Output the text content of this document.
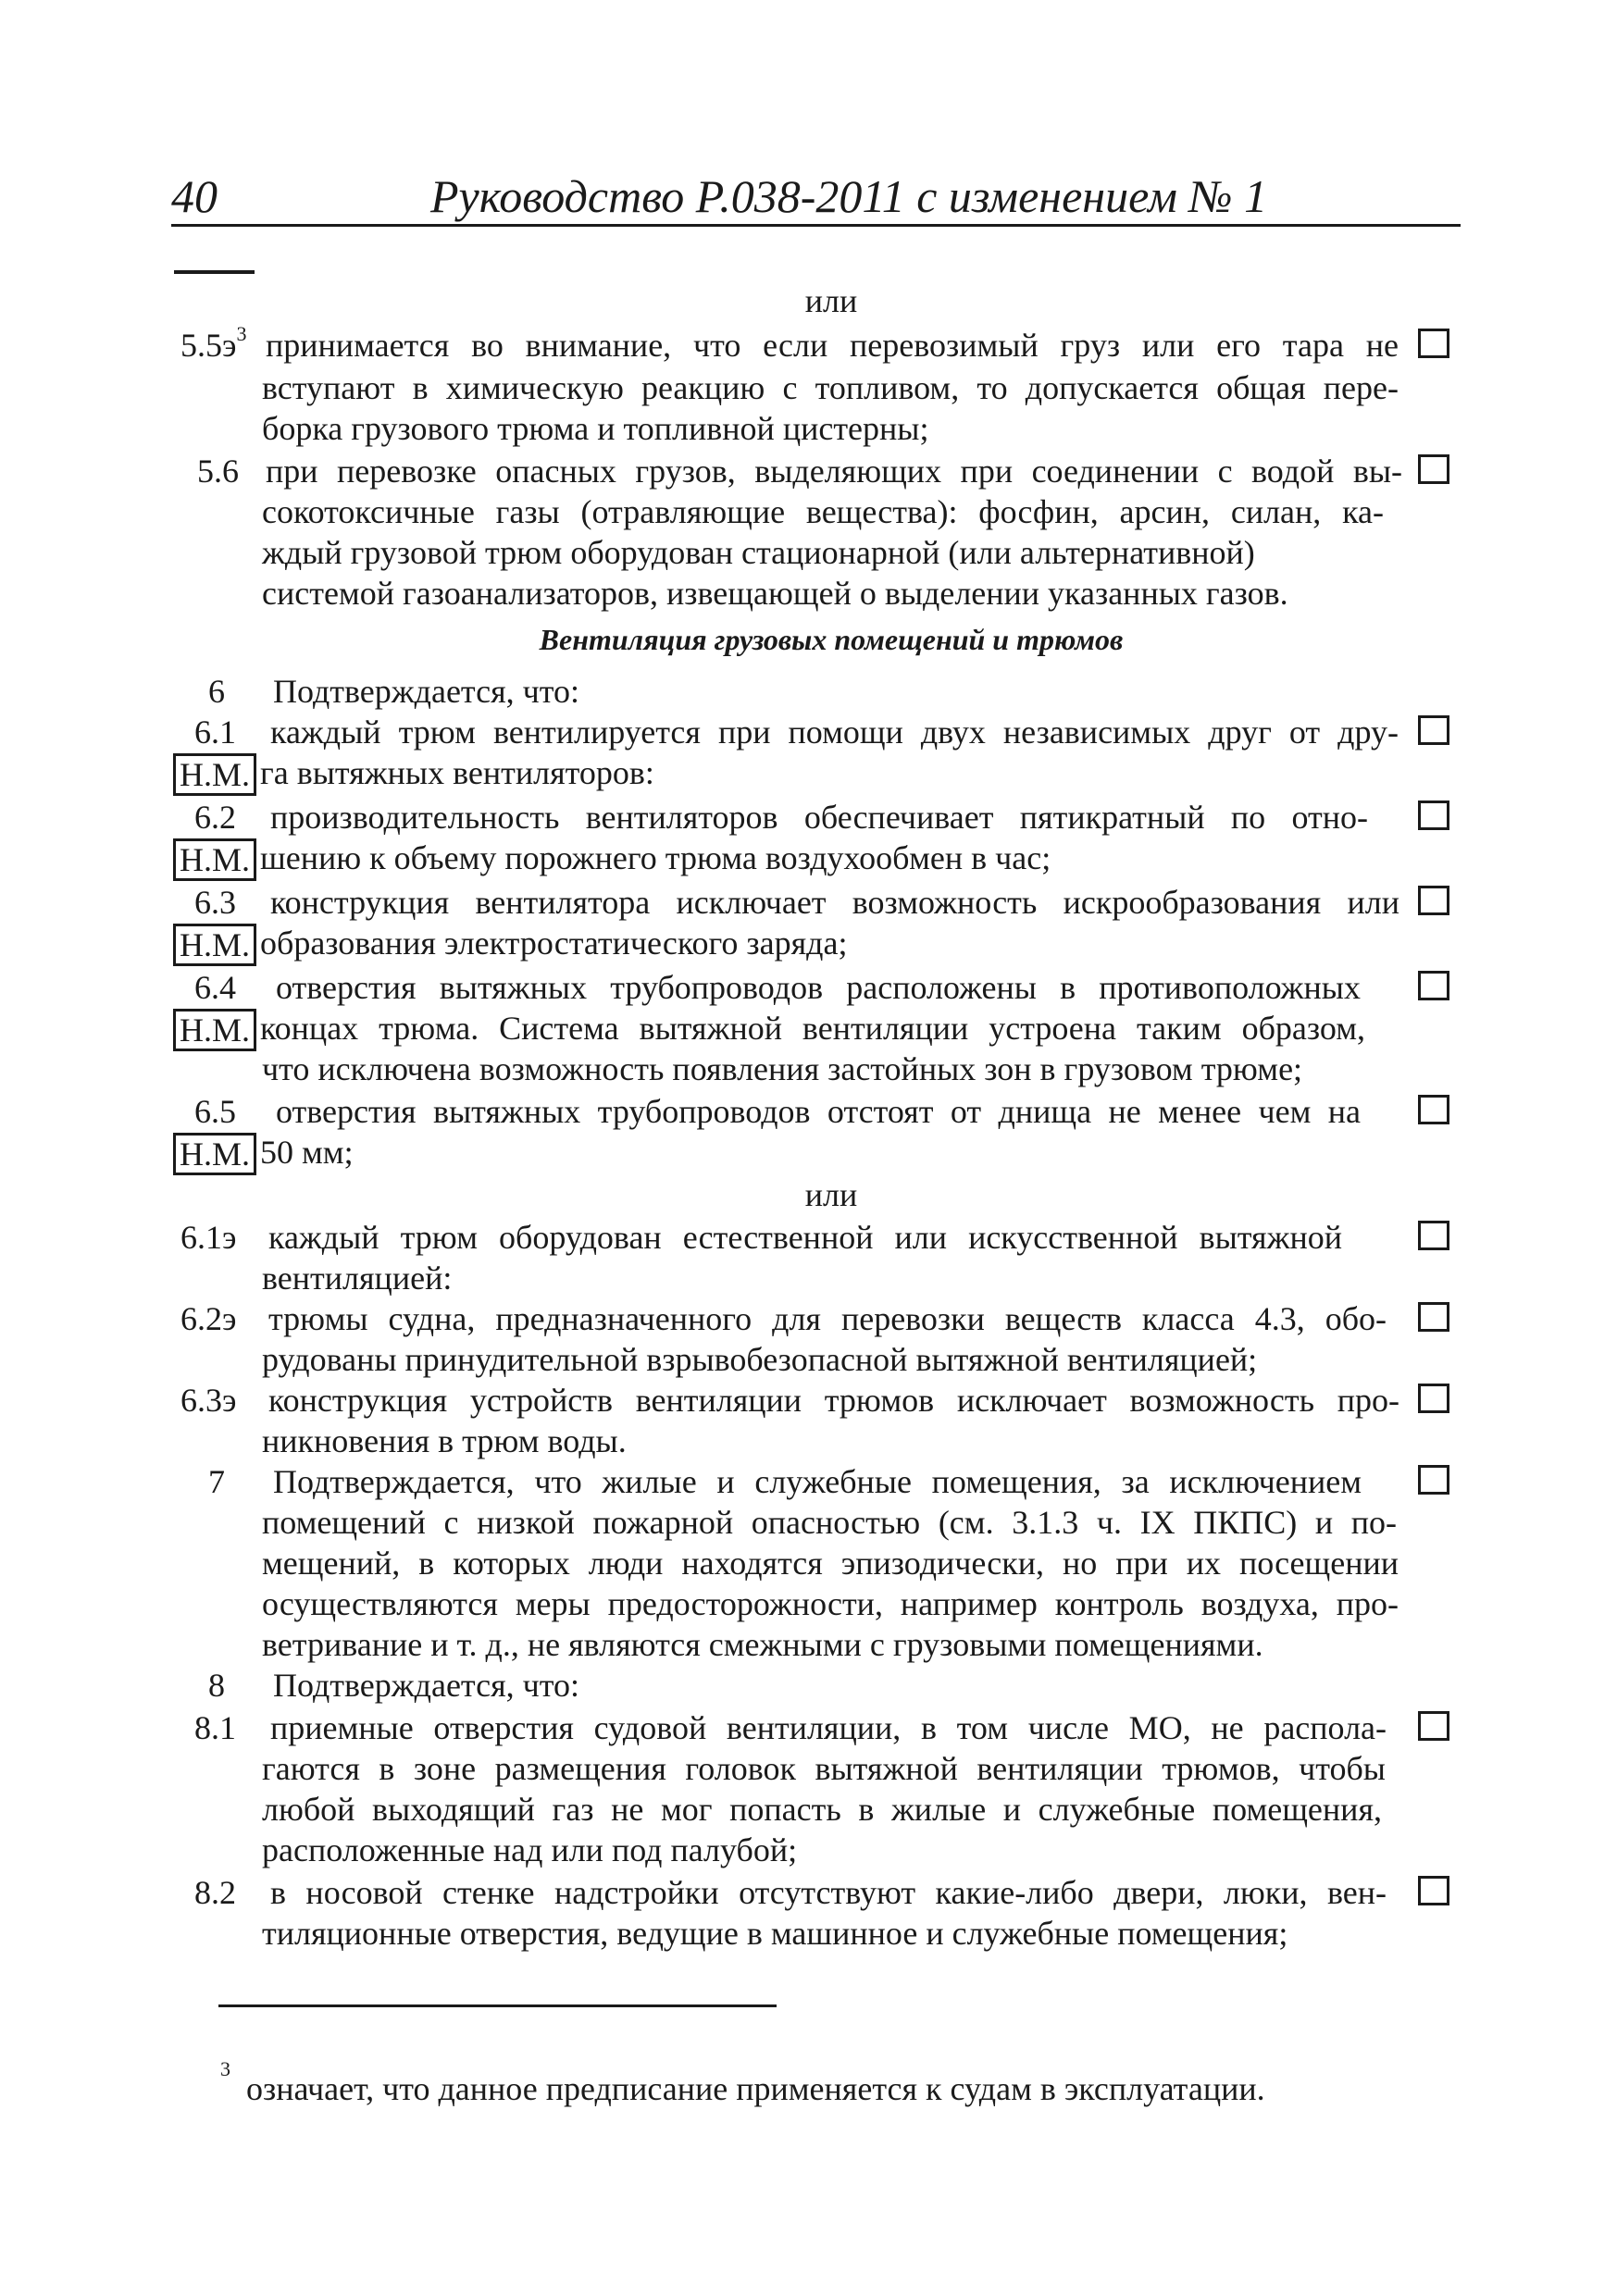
40	Руководство Р.038-2011 с изменением № 1
или
$5.5э^3$ принимается во внимание, что если перевозимый груз или его тара не
вступают в химическую реакцию с топливом, то допускается общая пере-
борка грузового трюма и топливной цистерны;
5.6 при перевозке опасных грузов, выделяющих при соединении с водой вы-
сокотоксичные газы (отравляющие вещества): фосфин, арсин, силан, ка-
ждый грузовой трюм оборудован стационарной (или альтернативной)
системой газоанализаторов, извещающей о выделении указанных газов.
Вентиляция грузовых помещений и трюмов
6 Подтверждается, что:
6.1 каждый трюм вентилируется при помощи двух независимых друг от дру-
Н.М. га вытяжных вентиляторов:
6.2 производительность вентиляторов обеспечивает пятикратный по отно-
Н.М. шению к объему порожнего трюма воздухообмен в час;
6.3 конструкция вентилятора исключает возможность искрообразования или
Н.М. образования электростатического заряда;
6.4 отверстия вытяжных трубопроводов расположены в противоположных
Н.М. концах трюма. Система вытяжной вентиляции устроена таким образом,
что исключена возможность появления застойных зон в грузовом трюме;
6.5 отверстия вытяжных трубопроводов отстоят от днища не менее чем на
Н.М. 50 мм;
или
6.1э каждый трюм оборудован естественной или искусственной вытяжной
вентиляцией:
6.2э трюмы судна, предназначенного для перевозки веществ класса 4.3, обо-
рудованы принудительной взрывобезопасной вытяжной вентиляцией;
6.3э конструкция устройств вентиляции трюмов исключает возможность про-
никновения в трюм воды.
7 Подтверждается, что жилые и служебные помещения, за исключением
помещений с низкой пожарной опасностью (см. 3.1.3 ч. IX ПКПС) и по-
мещений, в которых люди находятся эпизодически, но при их посещении
осуществляются меры предосторожности, например контроль воздуха, про-
ветривание и т. д., не являются смежными с грузовыми помещениями.
8 Подтверждается, что:
8.1 приемные отверстия судовой вентиляции, в том числе МО, не распола-
гаются в зоне размещения головок вытяжной вентиляции трюмов, чтобы
любой выходящий газ не мог попасть в жилые и служебные помещения,
расположенные над или под палубой;
8.2 в носовой стенке надстройки отсутствуют какие-либо двери, люки, вен-
тиляционные отверстия, ведущие в машинное и служебные помещения;
3
означает, что данное предписание применяется к судам в эксплуатации.
